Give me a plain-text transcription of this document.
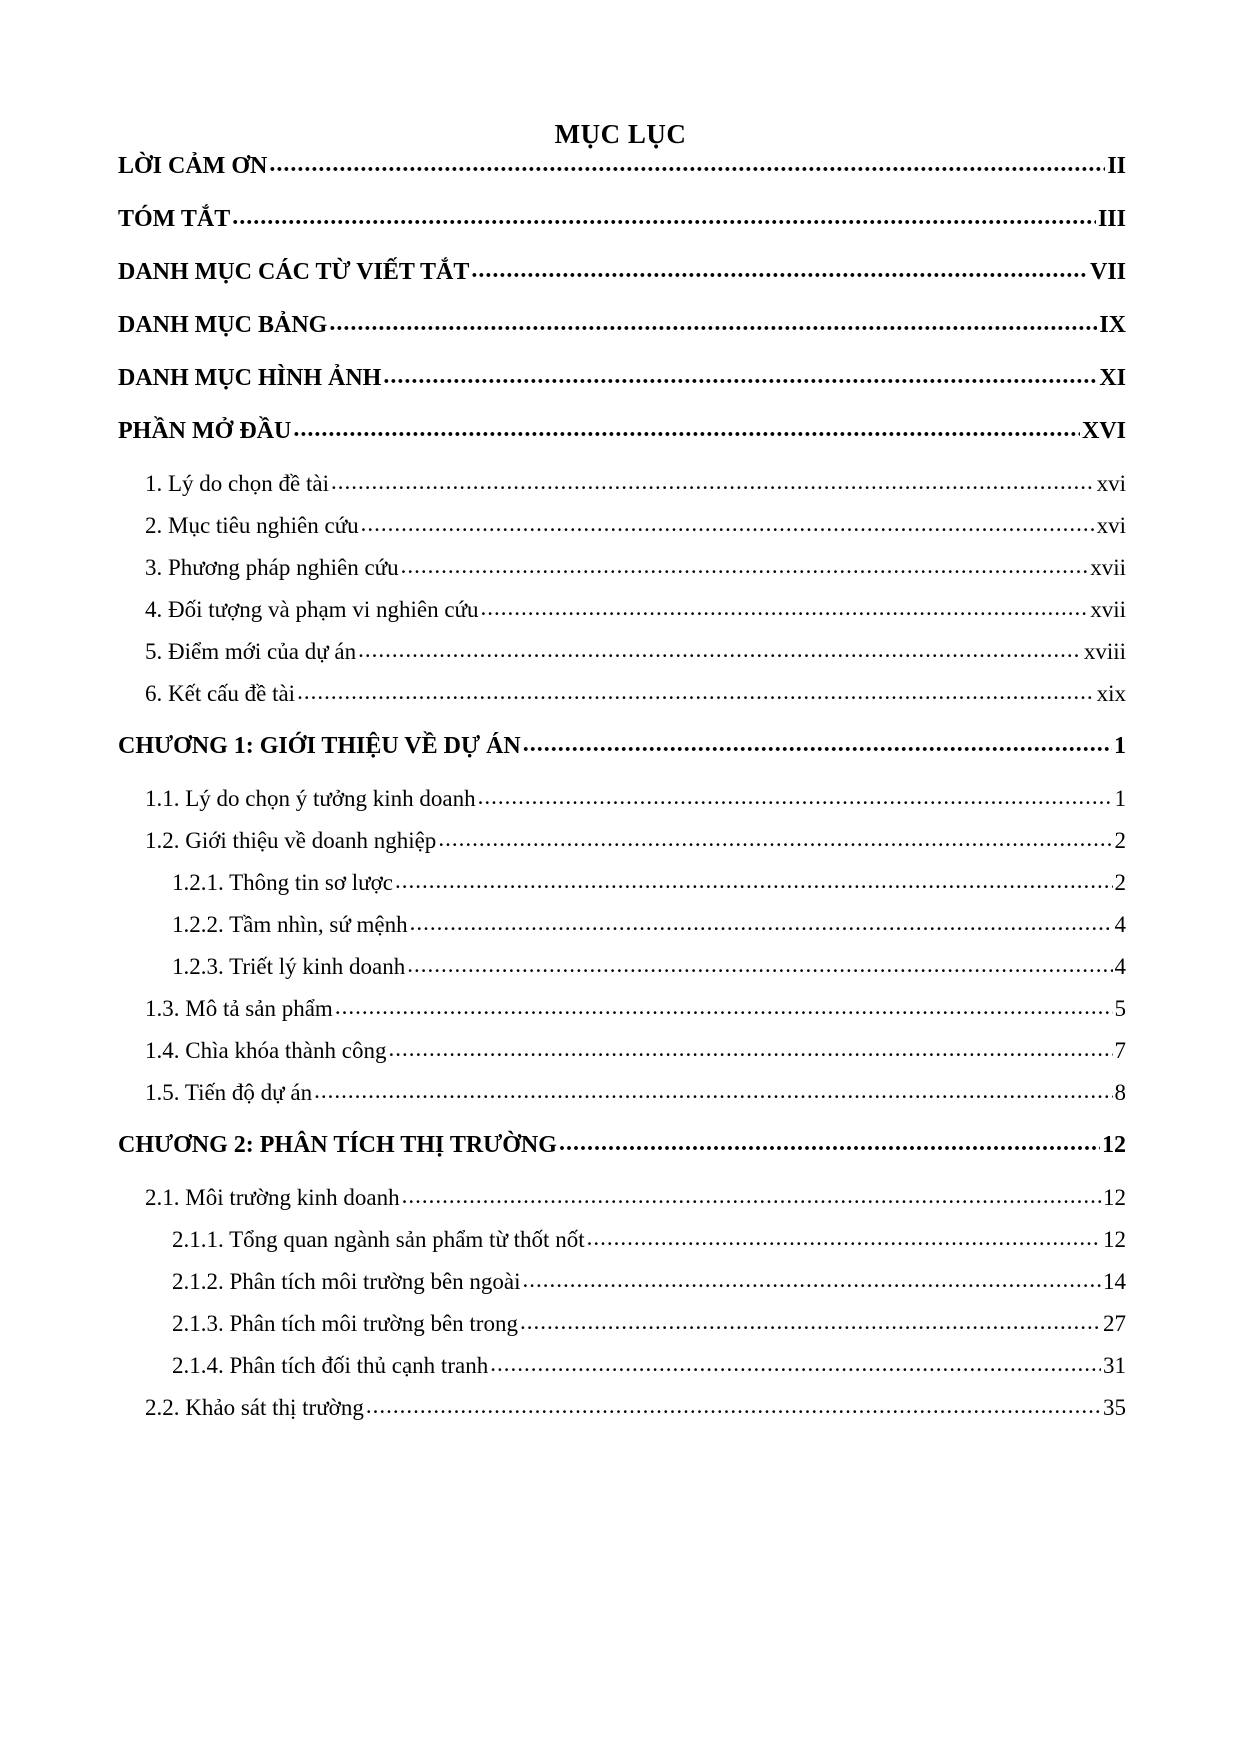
MỤC LỤC
LỜI CẢM ƠN .....	II
TÓM TẮT .....	III
DANH MỤC CÁC TỪ VIẾT TẮT .....	VII
DANH MỤC BẢNG .....	IX
DANH MỤC HÌNH ẢNH .....	XI
PHẦN MỞ ĐẦU .....	XVI
1. Lý do chọn đề tài .....	xvi
2. Mục tiêu nghiên cứu .....	xvi
3. Phương pháp nghiên cứu .....	xvii
4. Đối tượng và phạm vi nghiên cứu .....	xvii
5. Điểm mới của dự án .....	xviii
6. Kết cấu đề tài .....	xix
CHƯƠNG 1: GIỚI THIỆU VỀ DỰ ÁN .....	1
1.1. Lý do chọn ý tưởng kinh doanh .....	1
1.2. Giới thiệu về doanh nghiệp .....	2
1.2.1. Thông tin sơ lược .....	2
1.2.2. Tầm nhìn, sứ mệnh .....	4
1.2.3. Triết lý kinh doanh .....	4
1.3. Mô tả sản phẩm .....	5
1.4. Chìa khóa thành công .....	7
1.5. Tiến độ dự án .....	8
CHƯƠNG 2: PHÂN TÍCH THỊ TRƯỜNG .....	12
2.1. Môi trường kinh doanh .....	12
2.1.1. Tổng quan ngành sản phẩm từ thốt nốt .....	12
2.1.2. Phân tích môi trường bên ngoài .....	14
2.1.3. Phân tích môi trường bên trong .....	27
2.1.4. Phân tích đối thủ cạnh tranh .....	31
2.2. Khảo sát thị trường .....	35
